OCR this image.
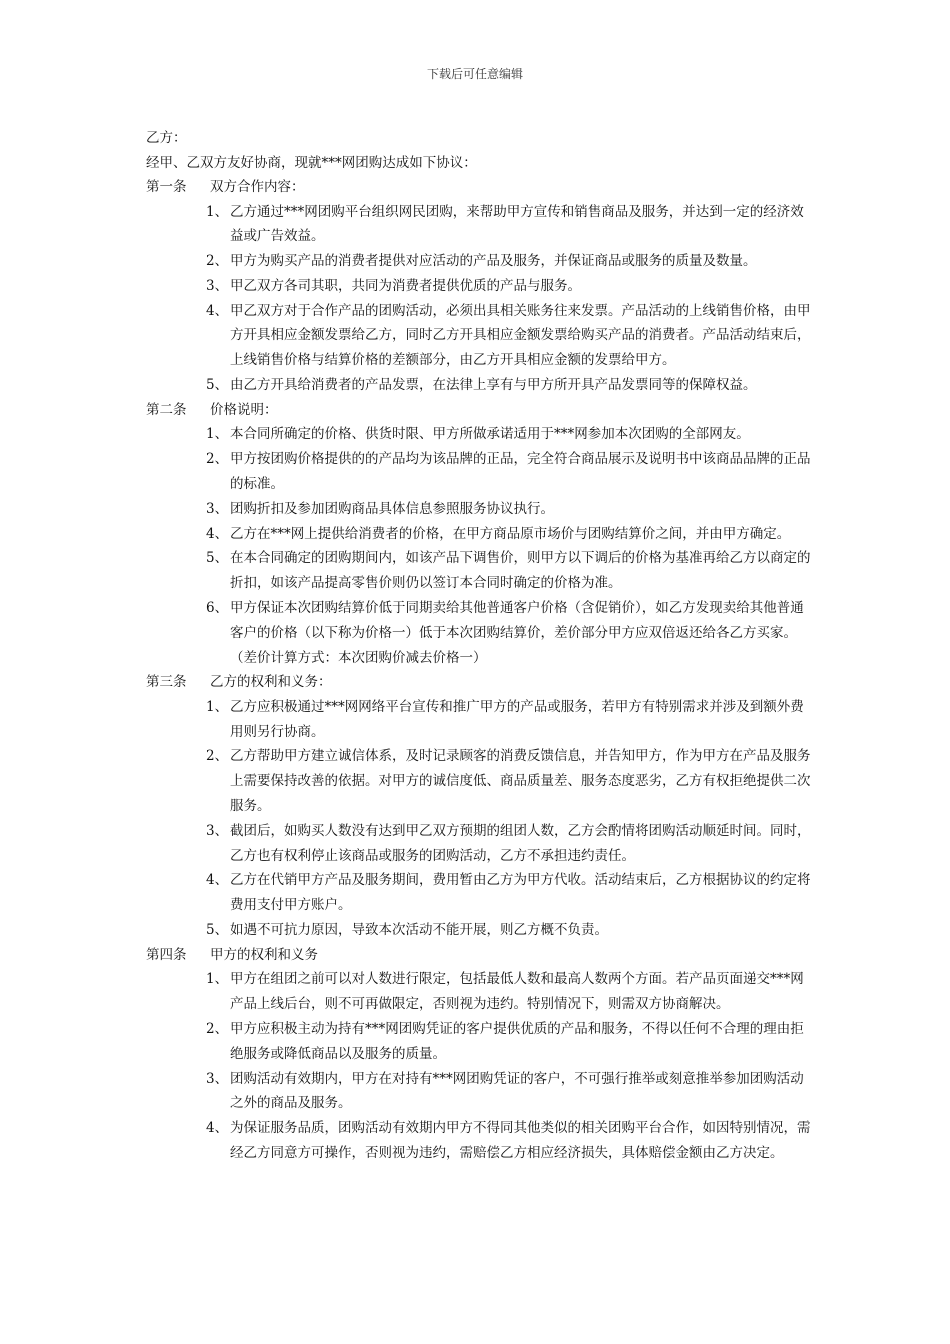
下载后可任意编辑
乙方：
经甲、乙双方友好协商，现就***网团购达成如下协议：
第一条	双方合作内容：
1、 乙方通过***网团购平台组织网民团购，来帮助甲方宣传和销售商品及服务，并达到一定的经济效益或广告效益。
2、 甲方为购买产品的消费者提供对应活动的产品及服务，并保证商品或服务的质量及数量。
3、 甲乙双方各司其职，共同为消费者提供优质的产品与服务。
4、 甲乙双方对于合作产品的团购活动，必须出具相关账务往来发票。产品活动的上线销售价格，由甲方开具相应金额发票给乙方，同时乙方开具相应金额发票给购买产品的消费者。产品活动结束后，上线销售价格与结算价格的差额部分，由乙方开具相应金额的发票给甲方。
5、 由乙方开具给消费者的产品发票，在法律上享有与甲方所开具产品发票同等的保障权益。
第二条	价格说明：
1、 本合同所确定的价格、供货时限、甲方所做承诺适用于***网参加本次团购的全部网友。
2、 甲方按团购价格提供的的产品均为该品牌的正品，完全符合商品展示及说明书中该商品品牌的正品的标准。
3、 团购折扣及参加团购商品具体信息参照服务协议执行。
4、 乙方在***网上提供给消费者的价格，在甲方商品原市场价与团购结算价之间，并由甲方确定。
5、 在本合同确定的团购期间内，如该产品下调售价，则甲方以下调后的价格为基准再给乙方以商定的折扣，如该产品提高零售价则仍以签订本合同时确定的价格为准。
6、 甲方保证本次团购结算价低于同期卖给其他普通客户价格（含促销价），如乙方发现卖给其他普通客户的价格（以下称为价格一）低于本次团购结算价，差价部分甲方应双倍返还给各乙方买家。（差价计算方式：本次团购价减去价格一）
第三条	乙方的权利和义务：
1、 乙方应积极通过***网网络平台宣传和推广甲方的产品或服务，若甲方有特别需求并涉及到额外费用则另行协商。
2、 乙方帮助甲方建立诚信体系，及时记录顾客的消费反馈信息，并告知甲方，作为甲方在产品及服务上需要保持改善的依据。对甲方的诚信度低、商品质量差、服务态度恶劣，乙方有权拒绝提供二次服务。
3、 截团后，如购买人数没有达到甲乙双方预期的组团人数，乙方会酌情将团购活动顺延时间。同时，乙方也有权利停止该商品或服务的团购活动，乙方不承担违约责任。
4、 乙方在代销甲方产品及服务期间，费用暂由乙方为甲方代收。活动结束后，乙方根据协议的约定将费用支付甲方账户。
5、 如遇不可抗力原因，导致本次活动不能开展，则乙方概不负责。
第四条	甲方的权利和义务
1、 甲方在组团之前可以对人数进行限定，包括最低人数和最高人数两个方面。若产品页面递交***网产品上线后台，则不可再做限定，否则视为违约。特别情况下，则需双方协商解决。
2、 甲方应积极主动为持有***网团购凭证的客户提供优质的产品和服务，不得以任何不合理的理由拒绝服务或降低商品以及服务的质量。
3、 团购活动有效期内，甲方在对持有***网团购凭证的客户，不可强行推举或刻意推举参加团购活动之外的商品及服务。
4、 为保证服务品质，团购活动有效期内甲方不得同其他类似的相关团购平台合作，如因特别情况，需经乙方同意方可操作，否则视为违约，需赔偿乙方相应经济损失，具体赔偿金额由乙方决定。
